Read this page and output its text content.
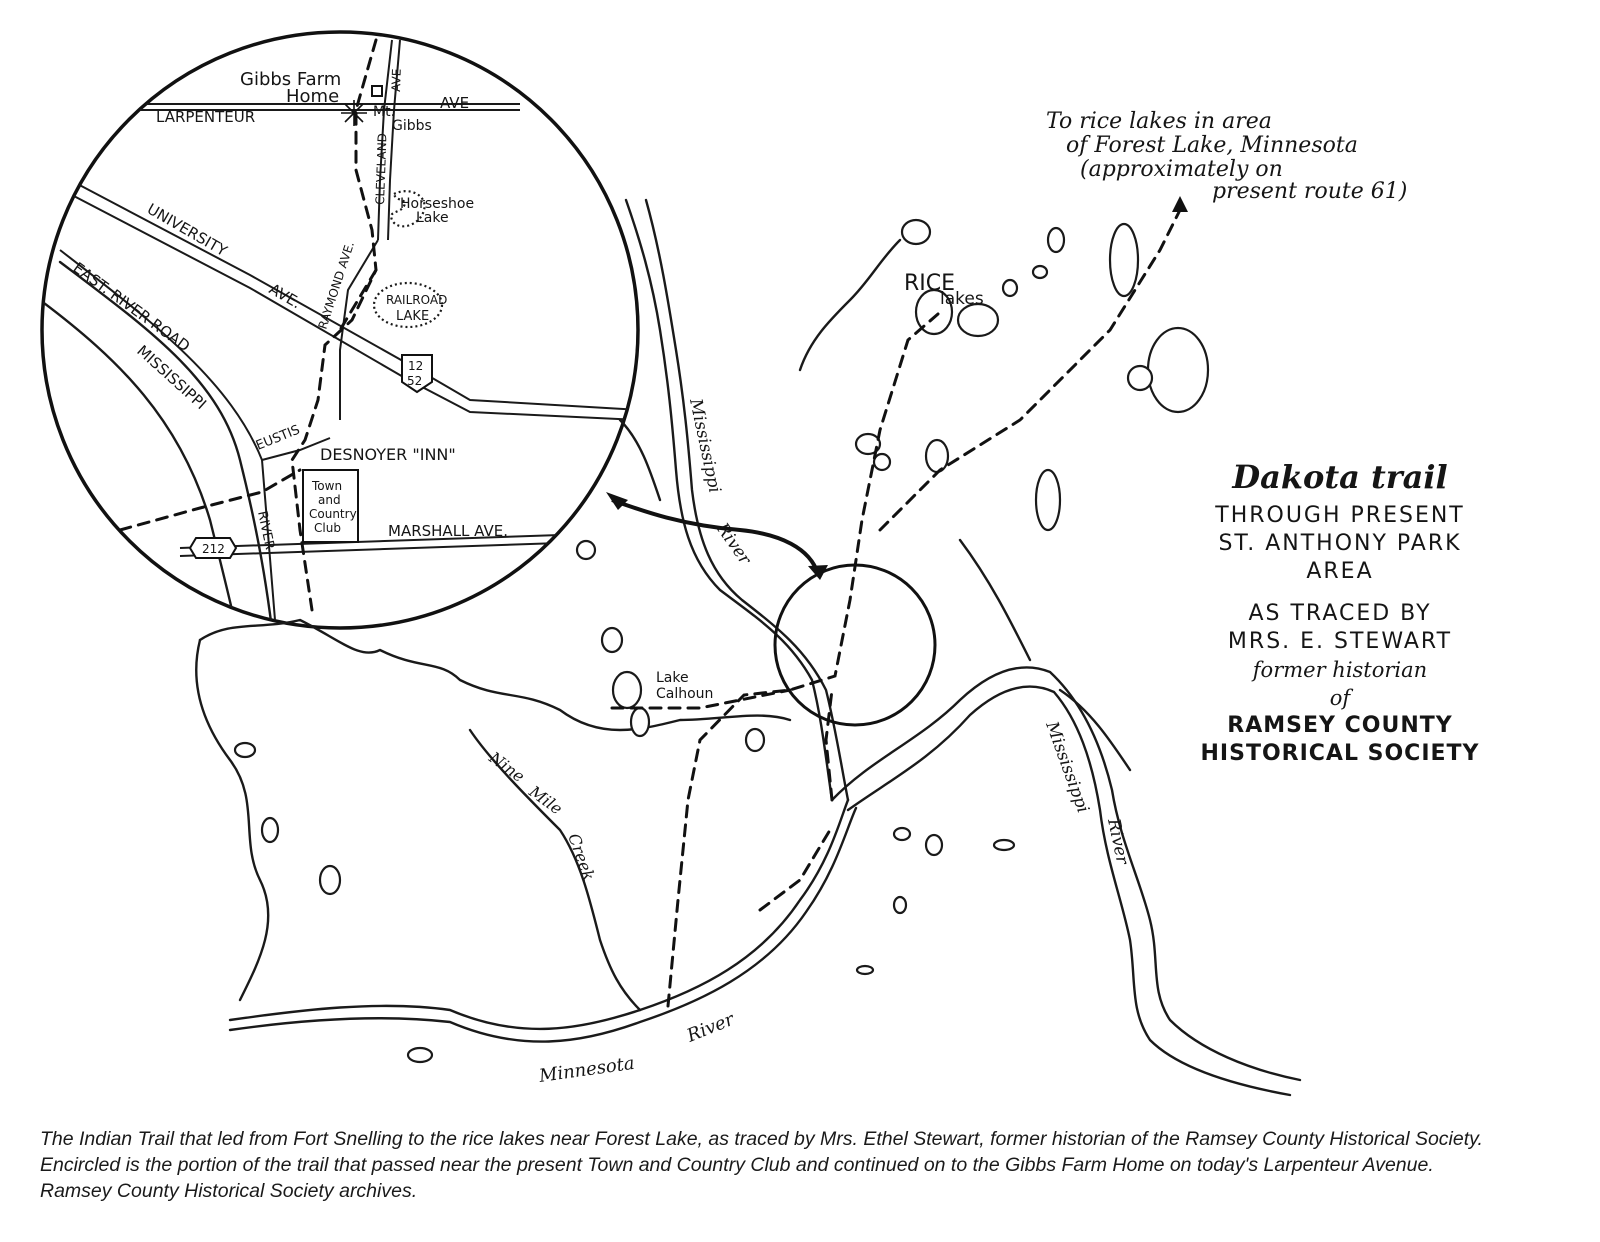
Gibbs Farm
Home
LARPENTEUR
AVE
Mt.
Gibbs
CLEVELAND
AVE
Horseshoe
Lake
UNIVERSITY
AVE. RAYMOND AVE. RAILROAD
LAKE
EAST. RIVER ROAD
MISSISSIPPI	12
52
EUSTIS
DESNOYER "INN"
Town
and
Country
Club
RIVER	MARSHALL AVE.
212
RICE
lakes
Mississippi
River
Lake
Calhoun
Nine
Mile
Creek
Mississippi
River
Minnesota
River
To rice lakes in area
of Forest Lake, Minnesota
(approximately on
present route 61)
Dakota trail
THROUGH PRESENT
ST. ANTHONY PARK
AREA
AS TRACED BY
MRS. E. STEWART
former historian
of
RAMSEY COUNTY
HISTORICAL SOCIETY

The Indian Trail that led from Fort Snelling to the rice lakes near Forest Lake, as traced by Mrs. Ethel Stewart, former historian of the Ramsey County Historical Society. Encircled is the portion of the trail that passed near the present Town and Country Club and continued on to the Gibbs Farm Home on today's Larpenteur Avenue. Ramsey County Historical Society archives.
